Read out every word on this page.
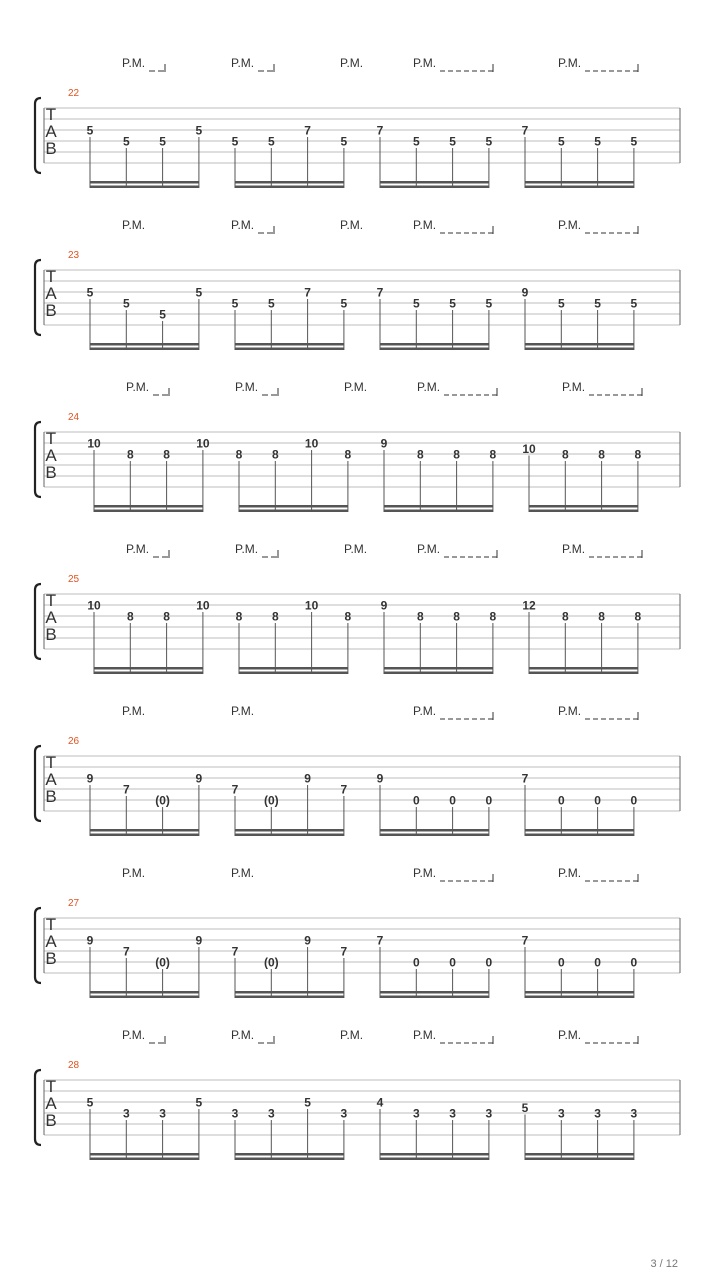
P.M.	P.M.	P.M.	P.M.	P.M.
22
T
A
B
5
5 5
5
5 5
7
5
7
5 5 5
7
5 5 5
P.M.	P.M.	P.M.	P.M.	P.M.
23
T
A
B
5
5
5
5
5 5
7
5
7
5 5 5
9
5 5 5
P.M.	P.M.	P.M.	P.M.	P.M.
24
T
A
B
10
8 8
10
8 8
10
8
9
8 8 8 10 8 8 8
P.M.	P.M.	P.M.	P.M.	P.M.
25
T
A
B
10
8 8
10
8 8
10
8
9
8 8 8
12
8 8 8
P.M.	P.M.	P.M.	P.M.
26
T
A
B
9
7
(0)
9
7
(0)
9
7
9
0 0 0
7
0 0 0
P.M.	P.M.	P.M.	P.M.
27
T
A
B
9
7
(0)
9
7
(0)
9
7
7
0 0 0
7
0 0 0
P.M.	P.M.	P.M.	P.M.	P.M.
28
T
A
B
5
3 3
5
3 3
5
3
4
3 3 3 5 3 3 3
3 / 12
